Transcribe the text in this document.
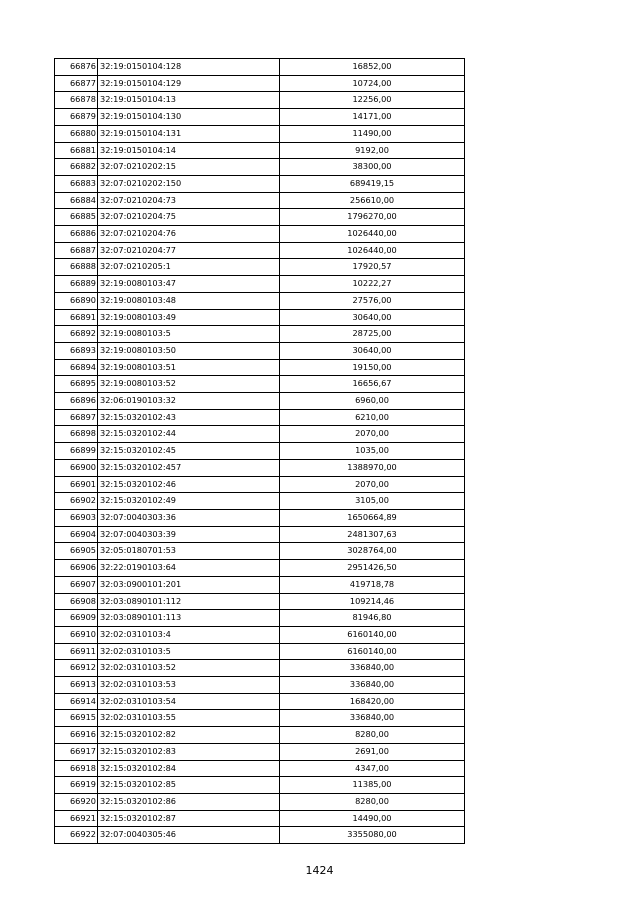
66876	32:19:0150104:128	16852,00
66877	32:19:0150104:129	10724,00
66878	32:19:0150104:13	12256,00
66879	32:19:0150104:130	14171,00
66880	32:19:0150104:131	11490,00
66881	32:19:0150104:14	9192,00
66882	32:07:0210202:15	38300,00
66883	32:07:0210202:150	689419,15
66884	32:07:0210204:73	256610,00
66885	32:07:0210204:75	1796270,00
66886	32:07:0210204:76	1026440,00
66887	32:07:0210204:77	1026440,00
66888	32:07:0210205:1	17920,57
66889	32:19:0080103:47	10222,27
66890	32:19:0080103:48	27576,00
66891	32:19:0080103:49	30640,00
66892	32:19:0080103:5	28725,00
66893	32:19:0080103:50	30640,00
66894	32:19:0080103:51	19150,00
66895	32:19:0080103:52	16656,67
66896	32:06:0190103:32	6960,00
66897	32:15:0320102:43	6210,00
66898	32:15:0320102:44	2070,00
66899	32:15:0320102:45	1035,00
66900	32:15:0320102:457	1388970,00
66901	32:15:0320102:46	2070,00
66902	32:15:0320102:49	3105,00
66903	32:07:0040303:36	1650664,89
66904	32:07:0040303:39	2481307,63
66905	32:05:0180701:53	3028764,00
66906	32:22:0190103:64	2951426,50
66907	32:03:0900101:201	419718,78
66908	32:03:0890101:112	109214,46
66909	32:03:0890101:113	81946,80
66910	32:02:0310103:4	6160140,00
66911	32:02:0310103:5	6160140,00
66912	32:02:0310103:52	336840,00
66913	32:02:0310103:53	336840,00
66914	32:02:0310103:54	168420,00
66915	32:02:0310103:55	336840,00
66916	32:15:0320102:82	8280,00
66917	32:15:0320102:83	2691,00
66918	32:15:0320102:84	4347,00
66919	32:15:0320102:85	11385,00
66920	32:15:0320102:86	8280,00
66921	32:15:0320102:87	14490,00
66922	32:07:0040305:46	3355080,00
1424
